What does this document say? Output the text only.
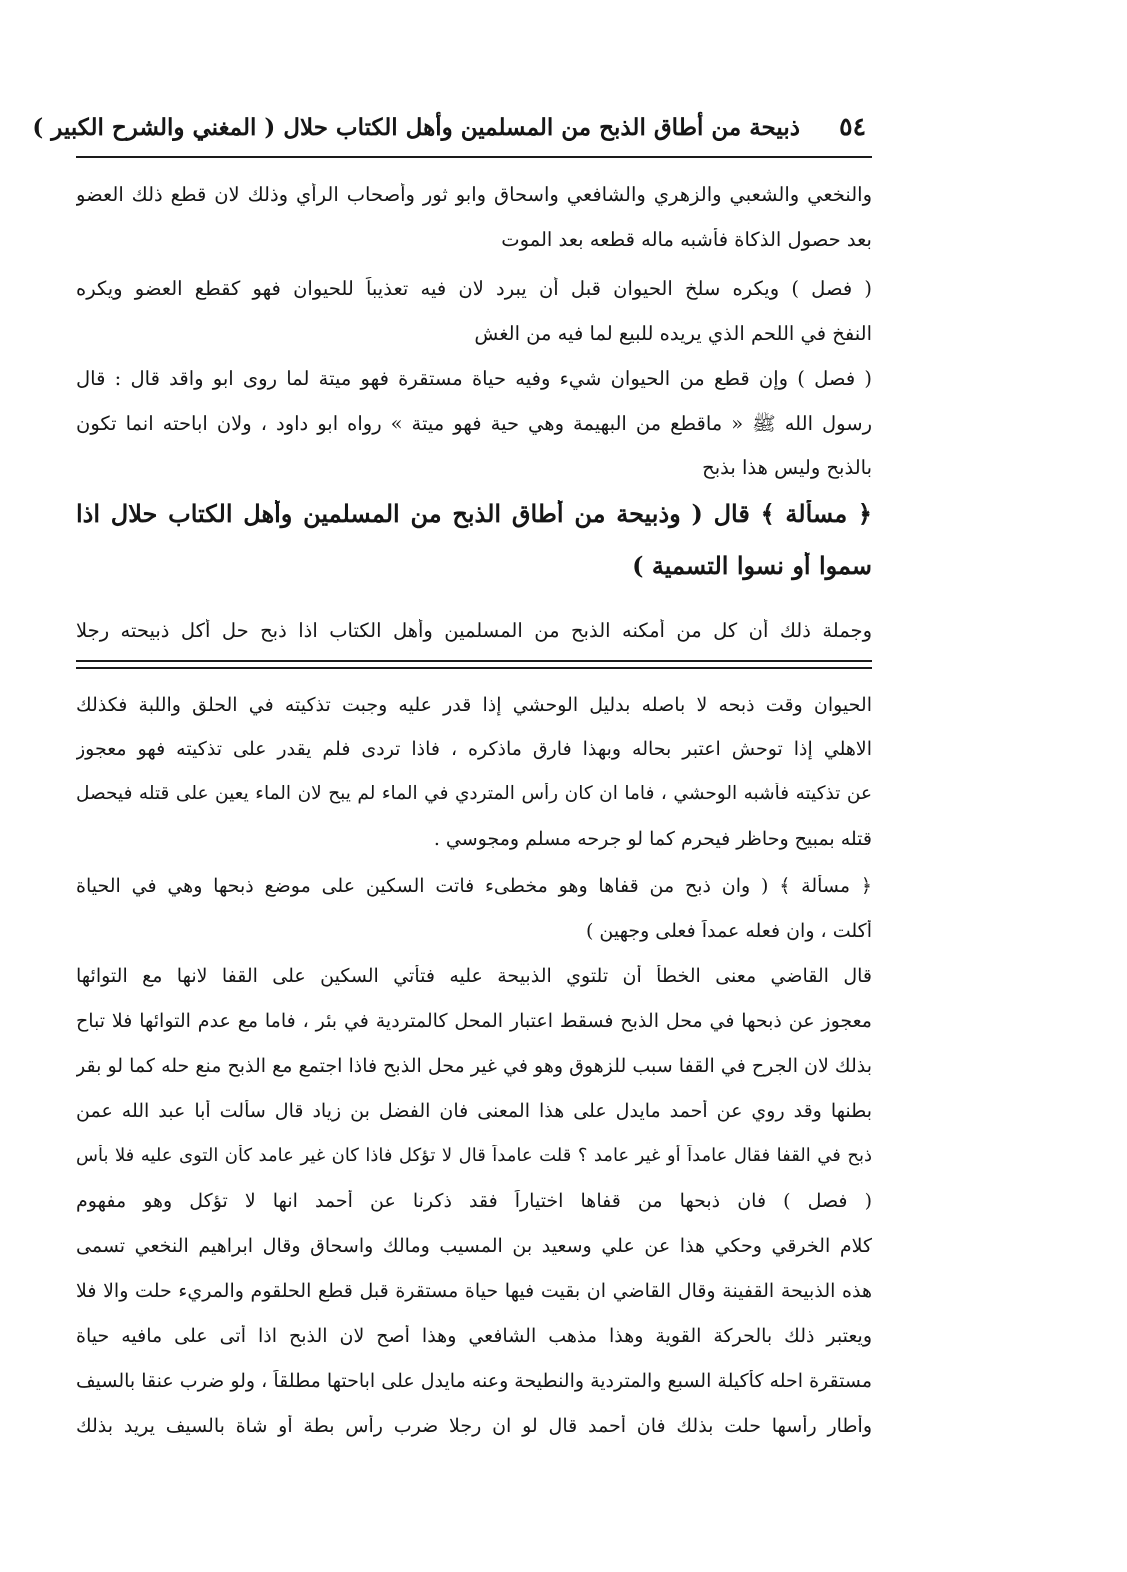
٥٤
ذبيحة من أطاق الذبح من المسلمين وأهل الكتاب حلال ( المغني والشرح الكبير )
والنخعي والشعبي والزهري والشافعي واسحاق وابو ثور وأصحاب الرأي وذلك لان قطع ذلك العضو
بعد حصول الذكاة فأشبه ماله قطعه بعد الموت
( فصل ) ويكره سلخ الحيوان قبل أن يبرد لان فيه تعذيباً للحيوان فهو كقطع العضو ويكره
النفخ في اللحم الذي يريده للبيع لما فيه من الغش
( فصل ) وإن قطع من الحيوان شيء وفيه حياة مستقرة فهو ميتة لما روى ابو واقد قال : قال
رسول الله ﷺ « ماقطع من البهيمة وهي حية فهو ميتة » رواه ابو داود ، ولان اباحته انما تكون
بالذبح وليس هذا بذبح
﴿ مسألة ﴾ قال ( وذبيحة من أطاق الذبح من المسلمين وأهل الكتاب حلال اذا
سموا أو نسوا التسمية )
وجملة ذلك أن كل من أمكنه الذبح من المسلمين وأهل الكتاب اذا ذبح حل أكل ذبيحته رجلا
الحيوان وقت ذبحه لا باصله بدليل الوحشي إذا قدر عليه وجبت تذكيته في الحلق واللبة فكذلك
الاهلي إذا توحش اعتبر بحاله وبهذا فارق ماذكره ، فاذا تردى فلم يقدر على تذكيته فهو معجوز
عن تذكيته فأشبه الوحشي ، فاما ان كان رأس المتردي في الماء لم يبح لان الماء يعين على قتله فيحصل
قتله بمبيح وحاظر فيحرم كما لو جرحه مسلم ومجوسي .
﴿ مسألة ﴾ ( وان ذبح من قفاها وهو مخطىء فاتت السكين على موضع ذبحها وهي في الحياة
أكلت ، وان فعله عمداً فعلى وجهين )
قال القاضي معنى الخطأ أن تلتوي الذبيحة عليه فتأتي السكين على القفا لانها مع التوائها
معجوز عن ذبحها في محل الذبح فسقط اعتبار المحل كالمتردية في بئر ، فاما مع عدم التوائها فلا تباح
بذلك لان الجرح في القفا سبب للزهوق وهو في غير محل الذبح فاذا اجتمع مع الذبح منع حله كما لو بقر
بطنها وقد روي عن أحمد مايدل على هذا المعنى فان الفضل بن زياد قال سألت أبا عبد الله عمن
ذبح في القفا فقال عامداً أو غير عامد ؟ قلت عامداً قال لا تؤكل فاذا كان غير عامد كأن التوى عليه فلا بأس
( فصل ) فان ذبحها من قفاها اختياراً فقد ذكرنا عن أحمد انها لا تؤكل وهو مفهوم
كلام الخرقي وحكي هذا عن علي وسعيد بن المسيب ومالك واسحاق وقال ابراهيم النخعي تسمى
هذه الذبيحة القفينة وقال القاضي ان بقيت فيها حياة مستقرة قبل قطع الحلقوم والمريء حلت والا فلا
ويعتبر ذلك بالحركة القوية وهذا مذهب الشافعي وهذا أصح لان الذبح اذا أتى على مافيه حياة
مستقرة احله كأكيلة السبع والمتردية والنطيحة وعنه مايدل على اباحتها مطلقاً ، ولو ضرب عنقا بالسيف
وأطار رأسها حلت بذلك فان أحمد قال لو ان رجلا ضرب رأس بطة أو شاة بالسيف يريد بذلك
